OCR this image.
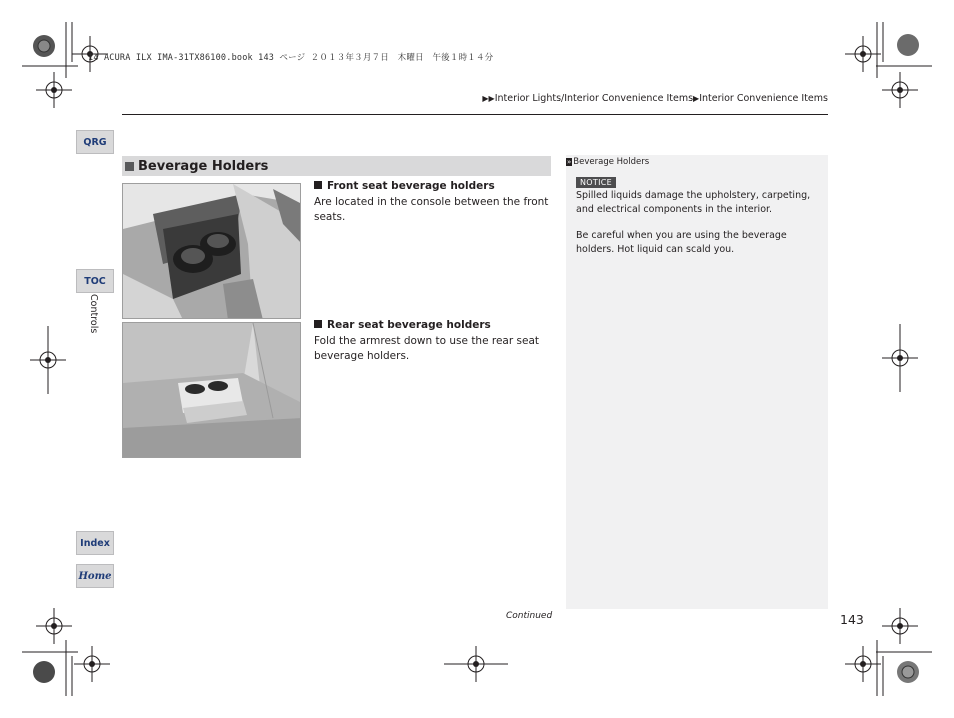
14 ACURA ILX IMA-31TX86100.book 143 ページ ２０１３年３月７日　木曜日　午後１時１４分
▶▶Interior Lights/Interior Convenience Items▶Interior Convenience Items
QRG
TOC
Controls
Index
Home
Beverage Holders
Front seat beverage holders
Are located in the console between the front seats.
Rear seat beverage holders
Fold the armrest down to use the rear seat beverage holders.
» Beverage Holders
NOTICE
Spilled liquids damage the upholstery, carpeting, and electrical components in the interior.
Be careful when you are using the beverage holders. Hot liquid can scald you.
Continued	143
